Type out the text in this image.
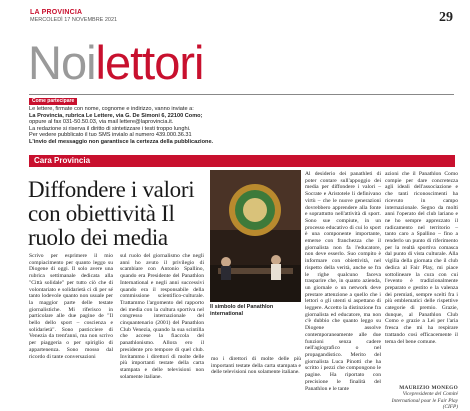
LA PROVINCIA
MERCOLEDÌ 17 NOVEMBRE 2021	29
Noilettori
Come partecipare
Le lettere, firmate con nome, cognome e indirizzo, vanno inviate a:
La Provincia, rubrica Le Lettere, via G. De Simoni 6, 22100 Como;
oppure al fax 031-50.50.03, via mail lettere@laprovincia.it.
La redazione si riserva il diritto di sintetizzare i testi troppo lunghi.
Per vedere pubblicato il tuo SMS invialo al numero 439.000.36.31
L'invio del messaggio non garantisce la certezza della pubblicazione.
Cara Provincia
Diffondere i valori con obiettività Il ruolo dei media
Scrivo per esprimere il mio compiacimento per quanto leggo su Diogene di oggi. Il solo avere una rubrica settimanale dedicata alla "Città solidale" per tutto ciò che di volontariato e solidarietà ci di per sé tanto lodevole quanto non usuale per la maggior parte delle testate giornalistiche. Mi riferisco in particolare alle due pagine de "Il bello dello sport – coscienza e solidarietà". Sono pasticciere di Venezia da trent'anni, ma non scrivo per piaggeria o per spiriglio di appartenenza. Sono mosso dal ricordo di tante conversazioni
sul ruolo del giornalismo che negli anni ho avuto il privilegio di scambiare con Antonio Spallino, quando era Presidente del Panathlon International e negli anni successivi quando era il responsabile della commissione scientifico-culturale. Trattammo l'argomento del rapporto dei media con la cultura sportiva nel congresso internazionale del cinquantenario (2001) del Panathlon Club Venezia, quando la sua scintilla che accese la fiaccola del panathlonismo. Allora ero il presidente pro tempore di quel club. Invitammo i direttori di molte delle più importanti testate della carta stampata e delle televisioni non solamente italiane.
Il simbolo del Panathlon international
mo i direttori di molte delle più importanti testate della carta stampata e delle televisioni non solamente italiane.
Al desiderio dei panathleti di poter contare sull'appoggio dei media per diffondere i valori – Socrate e Aristotele li definivano virtù – che le nuove generazioni dovrebbero apprendere alla fonte e soprattutto nell'attività di sport. Sono sue compiute, in un processo educativo di cui lo sport è una componente importante, emerse con franchezza che il giornalista non fa l'educatore, non deve esserlo. Suo compito è informare con obiettività, nel rispetto della verità, anche se fra le righe qualcuno faceva trasparire che, in quanto azienda, un giornale o un network deve prestare attenzione a quello che i lettori o gli utenti si aspettano di leggere. Accetto la distinzione fra giornalista ed educatore, ma non c'è dubbio che quanto leggo su Diogene assolve contemporaneamente alle due funzioni senza cadere nell'agiografico o nel propagandistico. Merito del giornalista Luca Pinotti che ha scritto i pezzi che compongono le pagine. Ha riportato con precisione le finalità del Panathlon e le tante
azioni che il Panathlon Como compie per dare concretezza agli ideali dell'associazione e che tanti riconoscimenti ha ricevuto in campo internazionale. Segno da molti anni l'operato del club lariano e ne ho sempre apprezzato il radicamento nel territorio – tanto caro a Spallino – fino a renderlo un punto di riferimento per la realtà sportiva comasca dal punto di vista culturale. Alla vigilia della giornata che il club dedica al Fair Play, mi piace sottolineare la cura con cui l'evento è tradizionalmente preparato e gestito e la valenza dei premiati, sempre scelti fra i più emblematici delle rispettive categorie di premio. Grazie, dunque, al Panathlon Club Como e grazie a Lei per l'aria fresca che mi ha respirare trattando così efficacemente il tema del bene comune.
MAURIZIO MONEGO
Vicepresidente del Comité International pour le Fair Play (CIFP)
